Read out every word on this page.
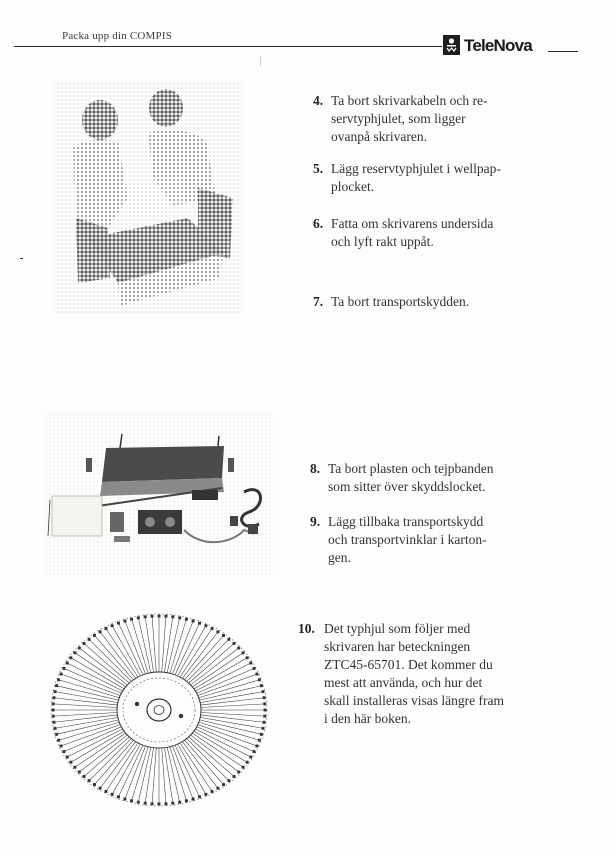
Packa upp din COMPIS	TeleNova
4. Ta bort skrivarkabeln och re-
servtyphjulet, som ligger
ovanpå skrivaren.
5. Lägg reservtyphjulet i wellpap-
plocket.
6. Fatta om skrivarens undersida
och lyft rakt uppåt.
7. Ta bort transportskydden.
8. Ta bort plasten och tejpbanden
som sitter över skyddslocket.
9. Lägg tillbaka transportskydd
och transportvinklar i karton-
gen.
10. Det typhjul som följer med
skrivaren har beteckningen
ZTC45-65701. Det kommer du
mest att använda, och hur det
skall installeras visas längre fram
i den här boken.
